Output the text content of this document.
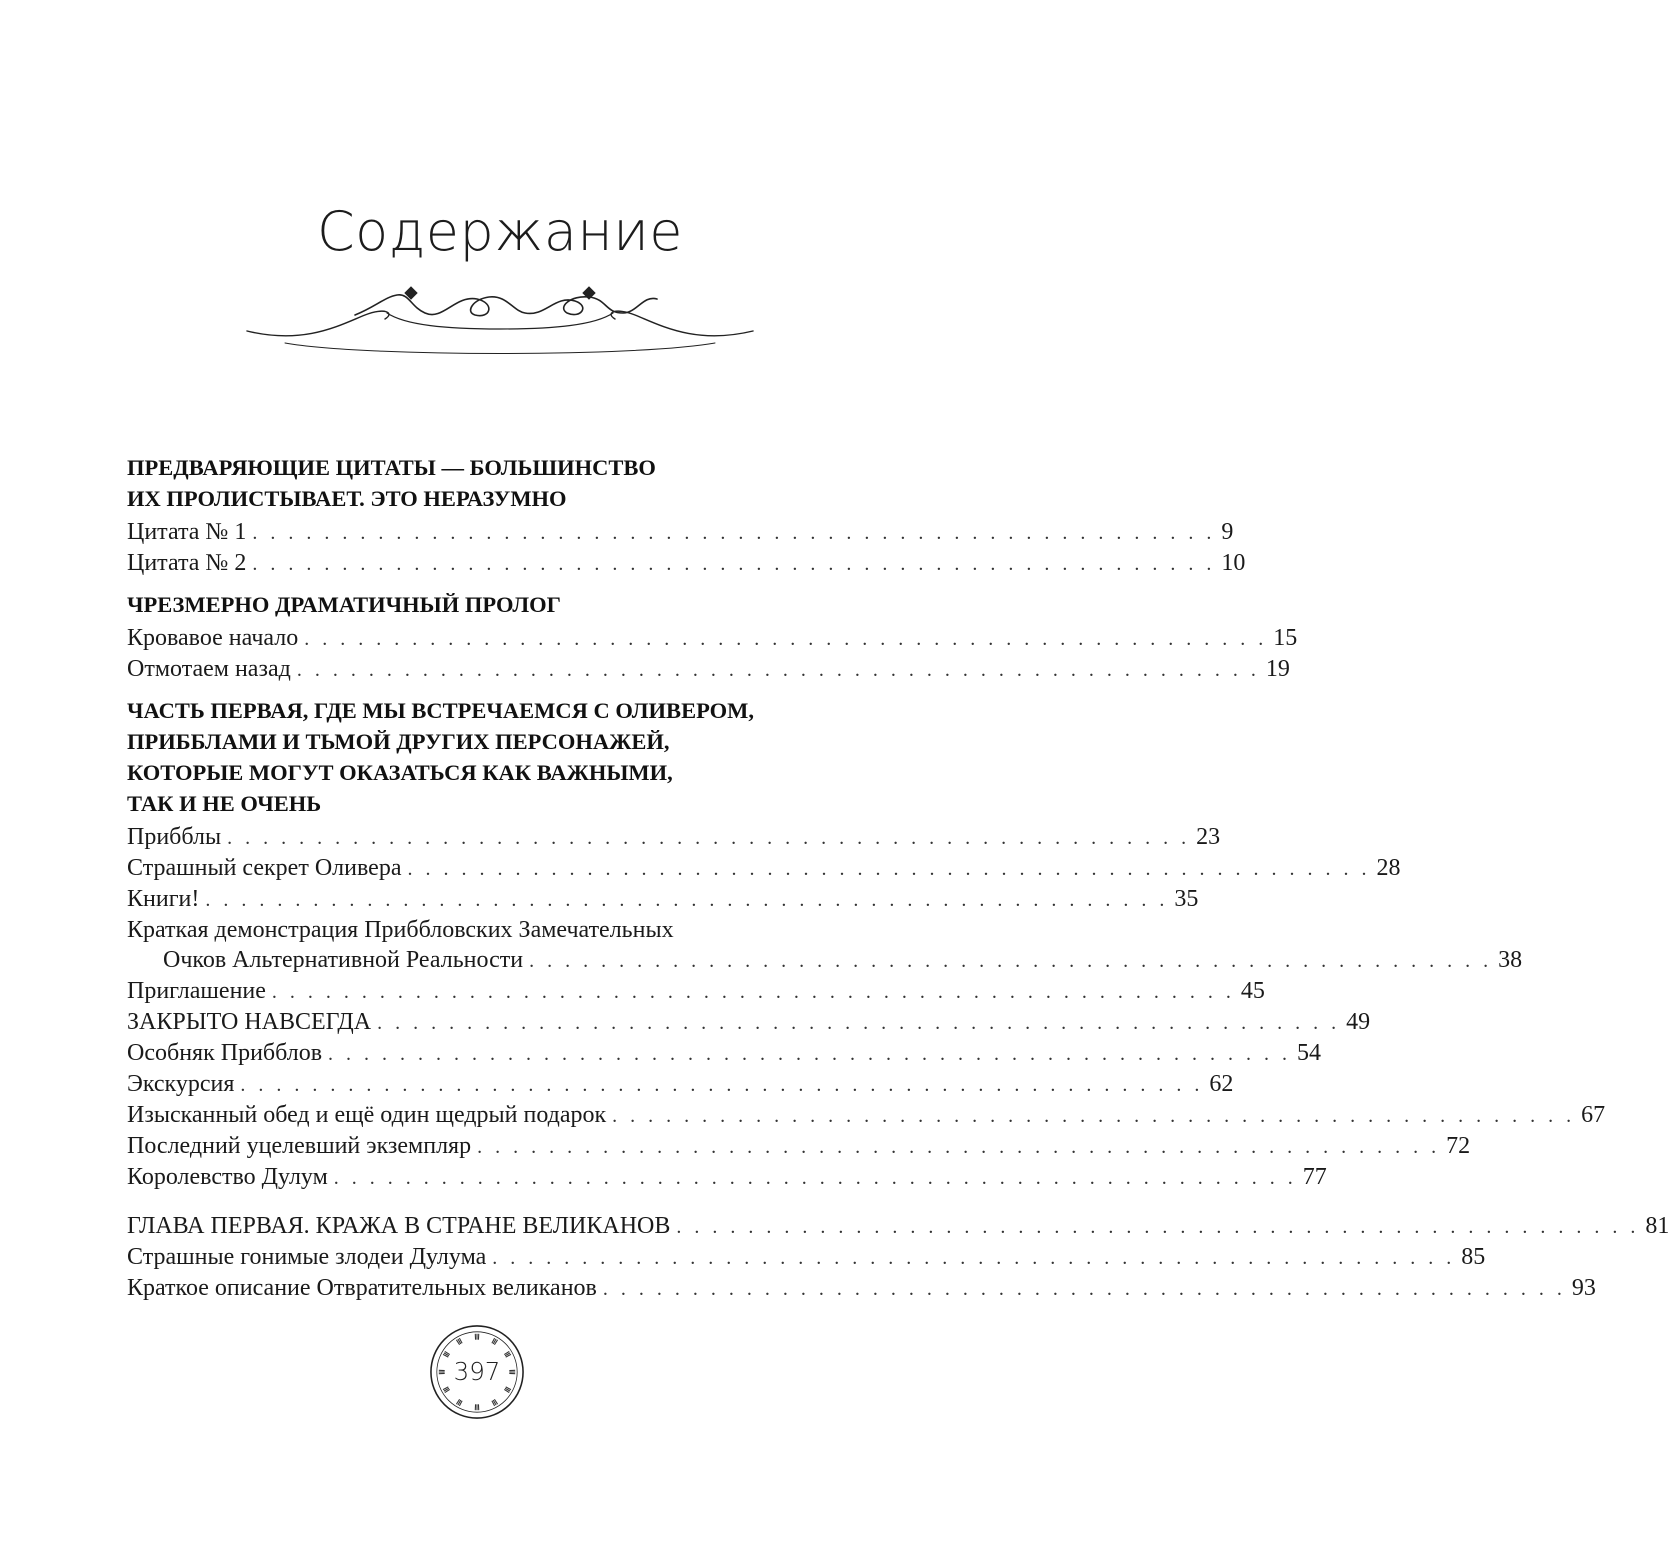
Содержание
ПРЕДВАРЯЮЩИЕ ЦИТАТЫ — БОЛЬШИНСТВО
ИХ ПРОЛИСТЫВАЕТ. ЭТО НЕРАЗУМНО
Цитата № 1 . . . . . . . . . . . . . . . . . . . . . . . . . . . . . . . . . . . . . . . . . . . . . . . . . . . . . . 9
Цитата № 2 . . . . . . . . . . . . . . . . . . . . . . . . . . . . . . . . . . . . . . . . . . . . . . . . . . . . . . 10
ЧРЕЗМЕРНО ДРАМАТИЧНЫЙ ПРОЛОГ
Кровавое начало . . . . . . . . . . . . . . . . . . . . . . . . . . . . . . . . . . . . . . . . . . . . . . . . . . . . . . 15
Отмотаем назад . . . . . . . . . . . . . . . . . . . . . . . . . . . . . . . . . . . . . . . . . . . . . . . . . . . . . . 19
ЧАСТЬ ПЕРВАЯ, ГДЕ МЫ ВСТРЕЧАЕМСЯ С ОЛИВЕРОМ,
ПРИББЛАМИ И ТЬМОЙ ДРУГИХ ПЕРСОНАЖЕЙ,
КОТОРЫЕ МОГУТ ОКАЗАТЬСЯ КАК ВАЖНЫМИ,
ТАК И НЕ ОЧЕНЬ
Прибблы . . . . . . . . . . . . . . . . . . . . . . . . . . . . . . . . . . . . . . . . . . . . . . . . . . . . . . 23
Страшный секрет Оливера . . . . . . . . . . . . . . . . . . . . . . . . . . . . . . . . . . . . . . . . . . . . . . . . . . . . . . 28
Книги! . . . . . . . . . . . . . . . . . . . . . . . . . . . . . . . . . . . . . . . . . . . . . . . . . . . . . . 35
Краткая демонстрация Приббловских Замечательных
Очков Альтернативной Реальности . . . . . . . . . . . . . . . . . . . . . . . . . . . . . . . . . . . . . . . . . . . . . . . . . . . . . . 38
Приглашение . . . . . . . . . . . . . . . . . . . . . . . . . . . . . . . . . . . . . . . . . . . . . . . . . . . . . . 45
ЗАКРЫТО НАВСЕГДА . . . . . . . . . . . . . . . . . . . . . . . . . . . . . . . . . . . . . . . . . . . . . . . . . . . . . . 49
Особняк Прибблов . . . . . . . . . . . . . . . . . . . . . . . . . . . . . . . . . . . . . . . . . . . . . . . . . . . . . . 54
Экскурсия . . . . . . . . . . . . . . . . . . . . . . . . . . . . . . . . . . . . . . . . . . . . . . . . . . . . . . 62
Изысканный обед и ещё один щедрый подарок . . . . . . . . . . . . . . . . . . . . . . . . . . . . . . . . . . . . . . . . . . . . . . . . . . . . . . 67
Последний уцелевший экземпляр . . . . . . . . . . . . . . . . . . . . . . . . . . . . . . . . . . . . . . . . . . . . . . . . . . . . . . 72
Королевство Дулум . . . . . . . . . . . . . . . . . . . . . . . . . . . . . . . . . . . . . . . . . . . . . . . . . . . . . . 77
ГЛАВА ПЕРВАЯ. КРАЖА В СТРАНЕ ВЕЛИКАНОВ . . . . . . . . . . . . . . . . . . . . . . . . . . . . . . . . . . . . . . . . . . . . . . . . . . . . . . 81
Страшные гонимые злодеи Дулума . . . . . . . . . . . . . . . . . . . . . . . . . . . . . . . . . . . . . . . . . . . . . . . . . . . . . . 85
Краткое описание Отвратительных великанов . . . . . . . . . . . . . . . . . . . . . . . . . . . . . . . . . . . . . . . . . . . . . . . . . . . . . . 93
397
